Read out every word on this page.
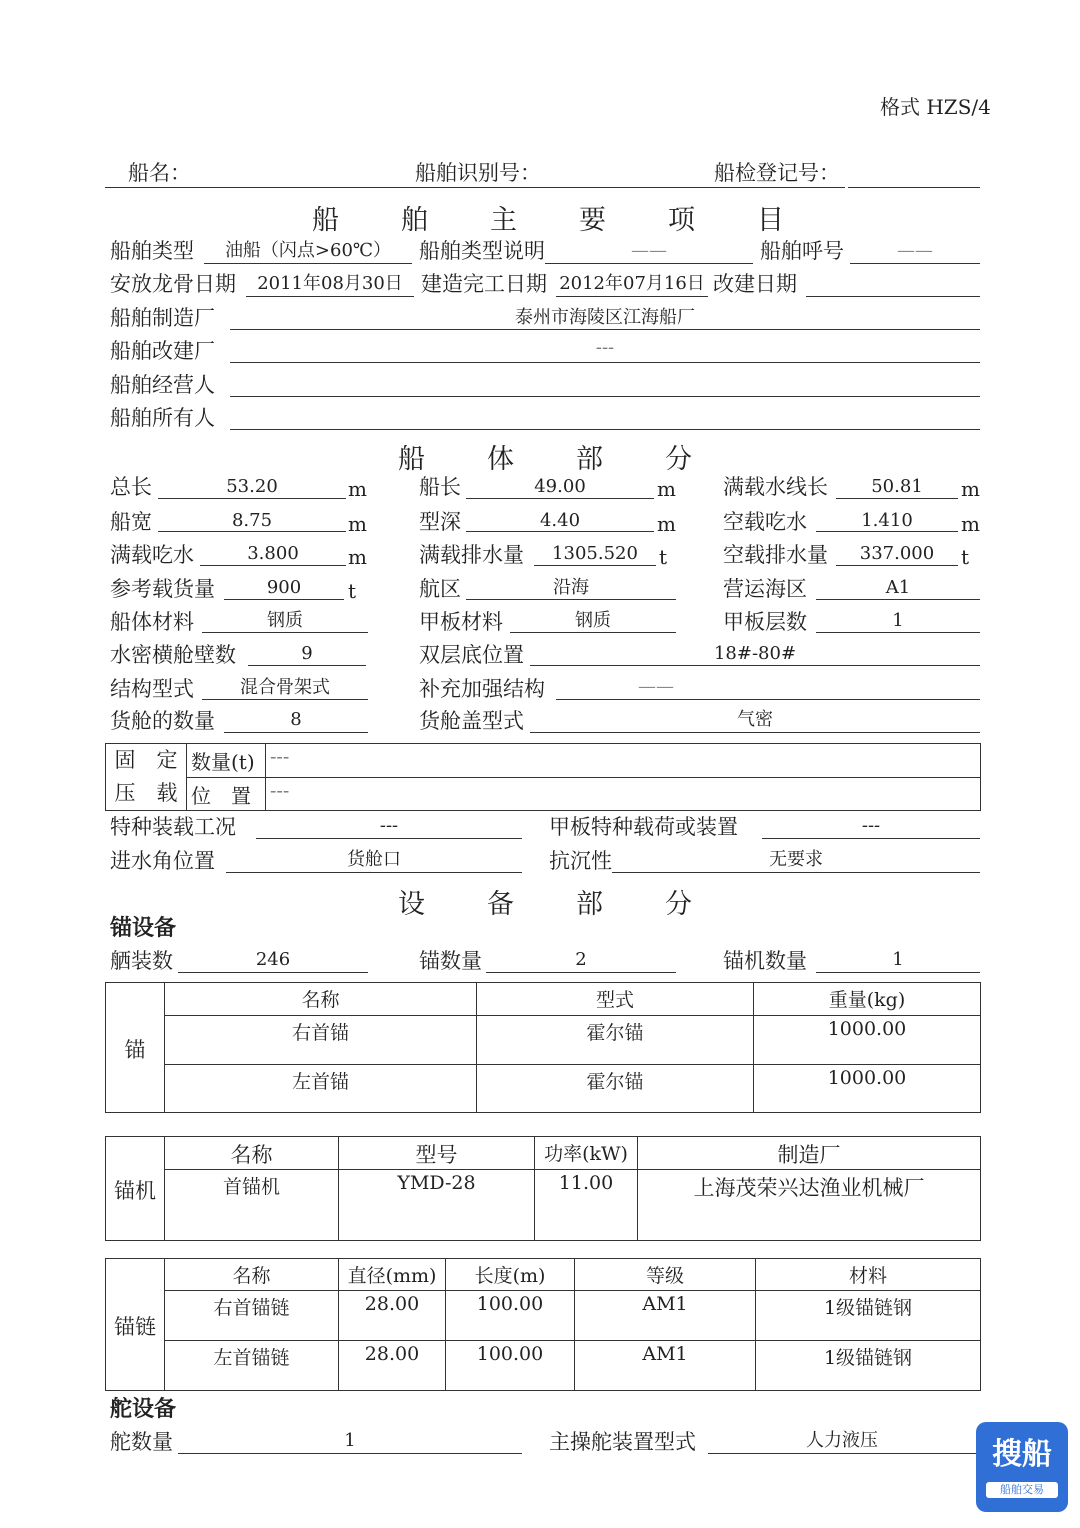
格式 HZS/4
船名：	船舶识别号：	船检登记号：
船舶主要项目
船舶类型	油船（闪点>60℃）	船舶类型说明	——	船舶呼号	——
安放龙骨日期	2011年08月30日 建造完工日期 2012年07月16日 改建日期
船舶制造厂	泰州市海陵区江海船厂
船舶改建厂	---
船舶经营人
船舶所有人
船体部分
总长	53.20	m 船长	49.00	m 满载水线长	50.81	m
船宽	8.75	m 型深	4.40	m 空载吃水	1.410	m
满载吃水	3.800	m 满载排水量	1305.520	t	空载排水量	337.000	t
参考载货量	900	t	航区	沿海	营运海区	A1
船体材料	钢质	甲板材料	钢质	甲板层数	1
水密横舱壁数	9	双层底位置	18#-80#
结构型式	混合骨架式	补充加强结构	——
货舱的数量	8	货舱盖型式	气密
固　定
压　载	数量(t)	---
	位　置	---
特种装载工况	---	甲板特种载荷或装置	---
进水角位置	货舱口	抗沉性	无要求
设备部分
锚设备
舾装数	246	锚数量	2	锚机数量	1
锚	名称	型式	重量(kg)
	右首锚	霍尔锚	1000.00
	左首锚	霍尔锚	1000.00
锚机	名称	型号	功率(kW)	制造厂
	首锚机	YMD-28	11.00	上海茂荣兴达渔业机械厂
锚链	名称	直径(mm)	长度(m)	等级	材料
	右首锚链	28.00	100.00	AM1	1级锚链钢
	左首锚链	28.00	100.00	AM1	1级锚链钢
舵设备
舵数量	1	主操舵装置型式	人力液压	搜船
船舶交易
